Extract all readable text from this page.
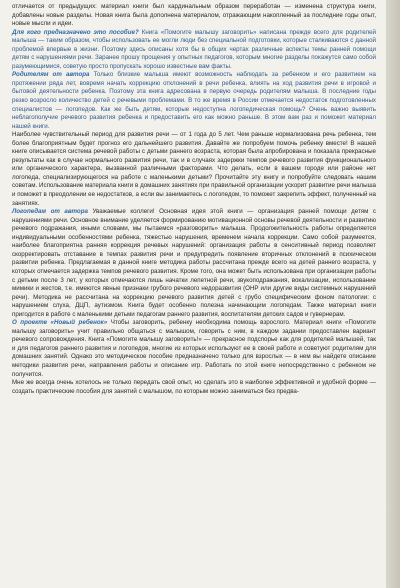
отличается от предыдущих: материал книги был кардинальным образом переработан — изменена структура книги, добавлены новые разделы. Новая книга была дополнена материалом, отражающим накопленный за последние годы опыт, новые мысли и идеи.

Для кого предназначено это пособие? Книга «Помогите малышу заговорить» написана прежде всего для родителей малыша — таким образом, чтобы использовать ее могли люди без специальной подготовки, которые сталкиваются с данной проблемой впервые в жизни. Поэтому здесь описаны хотя бы в общих чертах различные аспекты темы ранней помощи детям с нарушениями речи. Заранее прошу прощения у опытных педагогов, которым многие разделы покажутся само собой разумеющимися, советую просто пропускать хорошо известные вам факты.

Родителям от автора Только близкие малыша имеют возможность наблюдать за ребенком и его развитием на протяжении ряда лет, вовремя начать коррекцию отклонений в речи ребенка, влиять на ход развития речи в игровой и бытовой деятельности ребенка. Поэтому эта книга адресована в первую очередь родителям малыша. В последние годы резко возросло количество детей с речевыми проблемами. В то же время в России отмечается недостаток подготовленных специалистов — логопедов. Как же быть детям, которые недоступна логопедическая помощь? Очень важно выявить неблагополучие речевого развития ребенка и предоставить его как можно раньше. В этом вам раз и поможет материал нашей книги.

Наиболее чувствительный период для развития речи — от 1 года до 5 лет. Чем раньше нормализована речь ребенка, тем более благоприятным будет прогноз его дальнейшего развития. Давайте же попробуем помочь ребенку вместе! В нашей книге описывается система речевой работы с детьми раннего возраста, которая была апробирована и показала прекрасные результаты как в случае нормального развития речи, так и в случаях задержки темпов речевого развития функционального или органического характера, вызванной различными факторами. Что делать, если в вашем городе или районе нет логопеда, специализирующегося на работе с маленькими детьми? Прочитайте эту книгу и попробуйте следовать нашим советам. Использование материала книги в домашних занятиях при правильной организации ускорит развитие речи малыша и поможет в преодолении ее недостатков, а если вы занимаетесь с логопедом, то поможет закрепить эффект, полученный на занятиях.

Логопедам от автора Уважаемые коллеги! Основная идея этой книги — организация ранней помощи детям с нарушениями речи. Основное внимание уделяется формированию мотивационной основы речевой деятельности и развитию речевого подражания, иными словами, мы пытаемся «разговорить» малыша. Продолжительность работы определяется индивидуальными особенностями ребенка, тяжестью нарушения, временем начала коррекции. Само собой разумеется, наиболее благоприятна ранняя коррекция речевых нарушений: организация работы в сенситивный период позволяет скорректировать отставание в темпах развития речи и предупредить появление вторичных отклонений в психическом развитии ребенка. Предлагаемая в данной книге методика работы рассчитана прежде всего на детей раннего возраста, у которых отмечается задержка темпов речевого развития. Кроме того, она может быть использована при организации работы с детьми после 3 лет, у которых отмечаются лишь начатки лепетной речи, звукоподражания, вокализации, использование мимики и жестов, т.е. имеются явные признаки грубого речевого недоразвития (ОНР или другие виды системных нарушений речи). Методика не рассчитана на коррекцию речевого развития детей с грубо специфическим фоном патологии: с нарушением слуха, ДЦП, аутизмом. Книга будет особенно полезна начинающим логопедам. Также материал книги пригодится в работе с маленькими детьми педагогам раннего развития, воспитателям детских садов и гувернерам.

О проекте «Новый ребенок» Чтобы заговорить, ребенку необходима помощь взрослого. Материал книги «Помогите малышу заговорить» учит правильно общаться с малышом, говорить с ним, в каждом задании предоставлен вариант речевого сопровождения. Книга «Помогите малышу заговорить!» — прекрасное подспорье как для родителей малышей, так и для педагогов раннего развития и логопедов, многие из которых используют ее в своей работе и советуют родителям для домашних занятий. Однако это методическое пособие предназначено только для взрослых — в нем вы найдете описание методики развития речи, направления работы и описание игр. Работать по этой книге непосредственно с ребенком не получится.

Мне же всегда очень хотелось не только передать свой опыт, но сделать это в наиболее эффективной и удобной форме — создать практические пособия для занятий с малышом, по которым можно заниматься без предва-
